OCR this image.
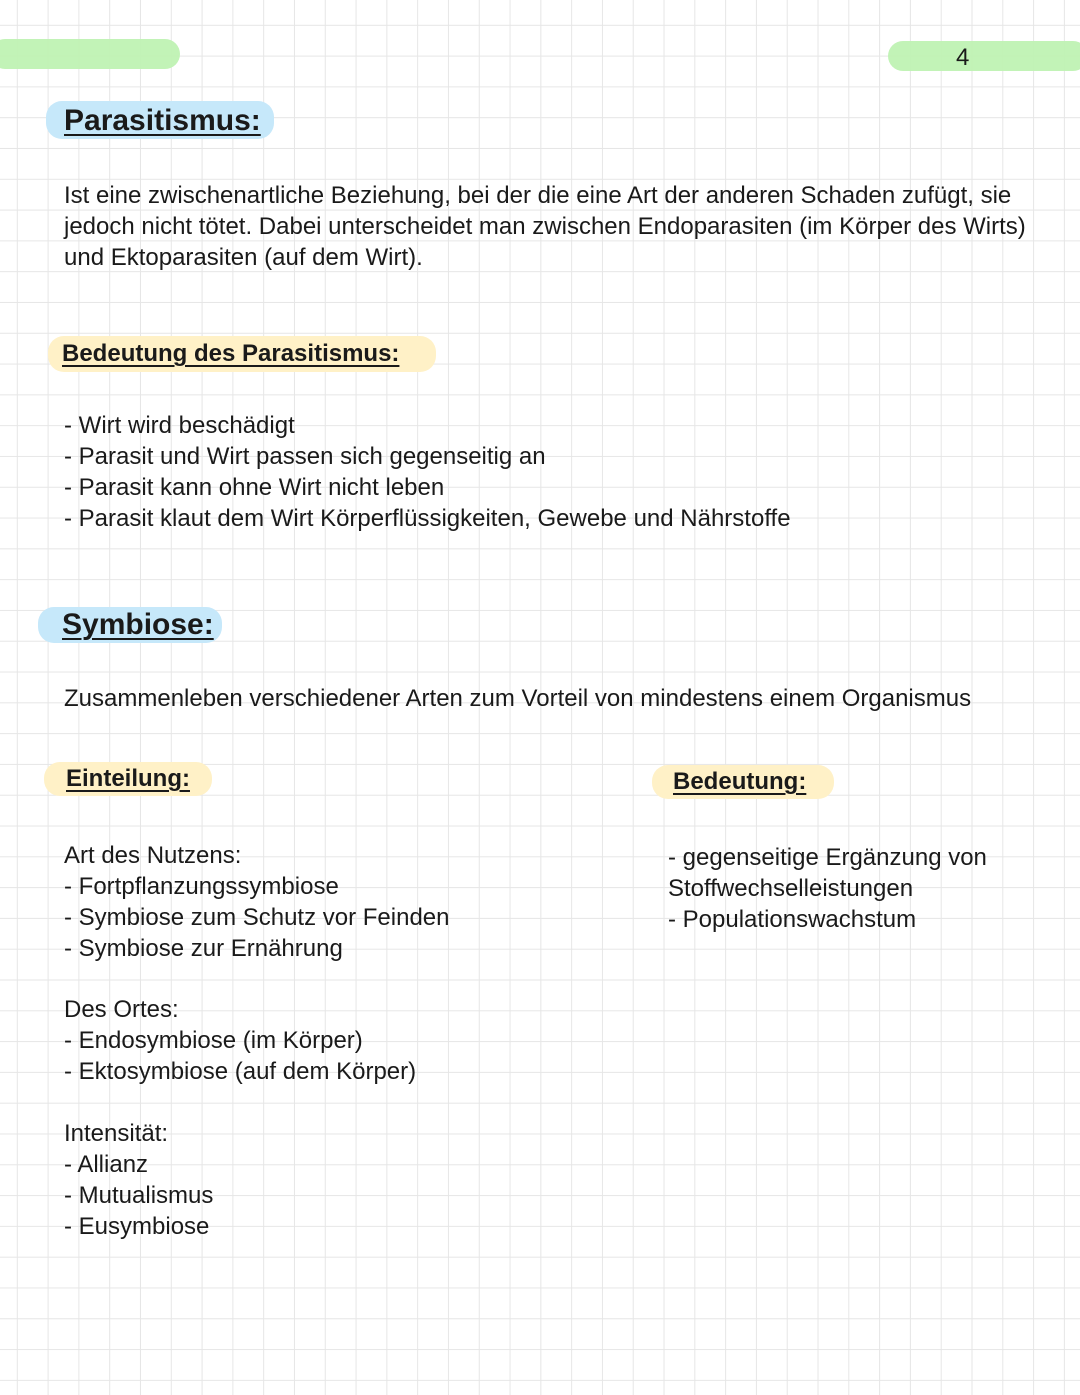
4
Parasitismus:
Ist eine zwischenartliche Beziehung, bei der die eine Art der anderen Schaden zufügt, sie jedoch nicht tötet. Dabei unterscheidet man zwischen Endoparasiten (im Körper des Wirts) und Ektoparasiten (auf dem Wirt).
Bedeutung des Parasitismus:
- Wirt wird beschädigt
- Parasit und Wirt passen sich gegenseitig an
- Parasit kann ohne Wirt nicht leben
- Parasit klaut dem Wirt Körperflüssigkeiten, Gewebe und Nährstoffe
Symbiose:
Zusammenleben verschiedener Arten zum Vorteil von mindestens einem Organismus
Einteilung:	Bedeutung:
Art des Nutzens:
- Fortpflanzungssymbiose
- Symbiose zum Schutz vor Feinden
- Symbiose zur Ernährung
Des Ortes:
- Endosymbiose (im Körper)
- Ektosymbiose (auf dem Körper)
Intensität:
- Allianz
- Mutualismus
- Eusymbiose
- gegenseitige Ergänzung von Stoffwechselleistungen
- Populationswachstum
